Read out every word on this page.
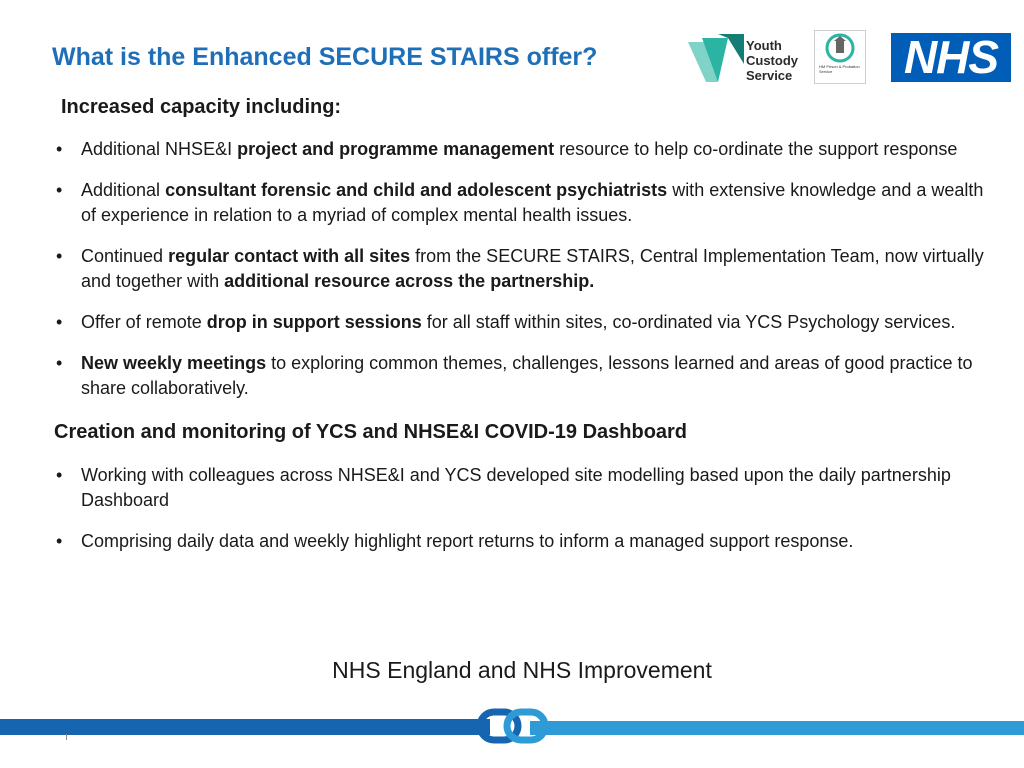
What is the Enhanced SECURE STAIRS offer?	Youth
Custody
Service
HM Prison & Probation Service	NHS
Increased capacity including:
• Additional NHSE&I project and programme management resource to help co-ordinate the support response
• Additional consultant forensic and child and adolescent psychiatrists with extensive knowledge and a wealth of experience in relation to a myriad of complex mental health issues.
• Continued regular contact with all sites from the SECURE STAIRS, Central Implementation Team, now virtually and together with additional resource across the partnership.
• Offer of remote drop in support sessions for all staff within sites, co-ordinated via YCS Psychology services.
• New weekly meetings to exploring common themes, challenges, lessons learned and areas of good practice to share collaboratively.
Creation and monitoring of YCS and NHSE&I COVID-19 Dashboard
• Working with colleagues across NHSE&I and YCS developed site modelling based upon the daily partnership Dashboard
• Comprising daily data and weekly highlight report returns to inform a managed support response.
NHS England and NHS Improvement
